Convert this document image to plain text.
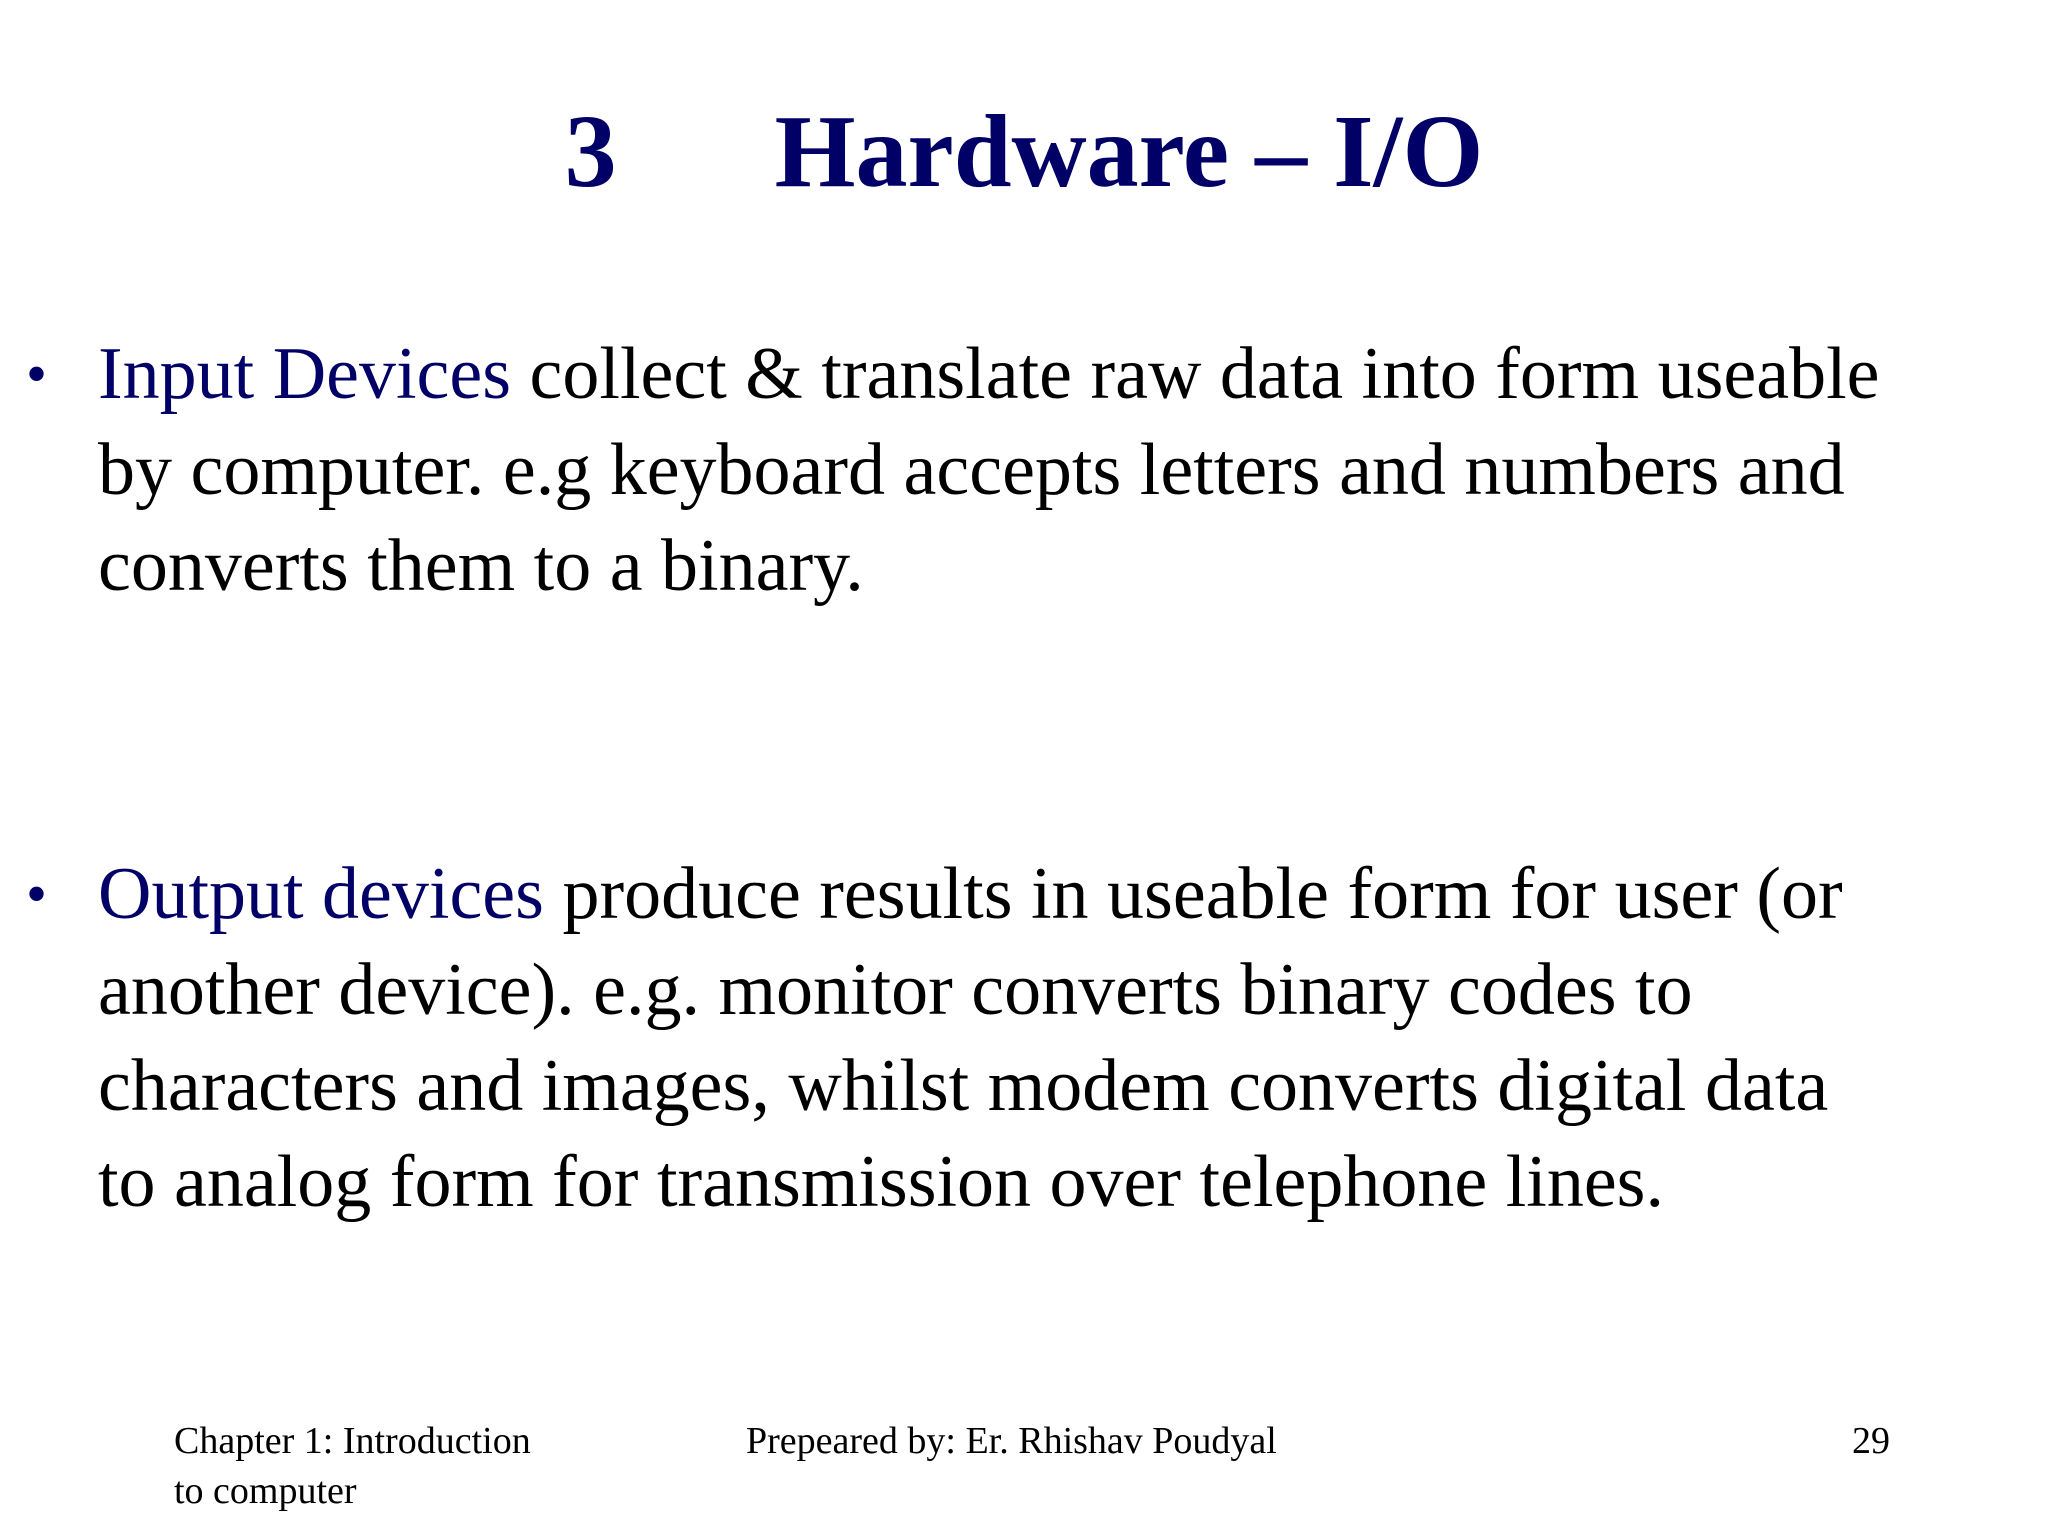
3 Hardware – I/O
• Input Devices collect & translate raw data into form useable
by computer. e.g keyboard accepts letters and numbers and
converts them to a binary.
• Output devices produce results in useable form for user (or
another device). e.g. monitor converts binary codes to
characters and images, whilst modem converts digital data
to analog form for transmission over telephone lines.
Chapter 1: Introduction
to computer
Prepeared by: Er. Rhishav Poudyal	29
